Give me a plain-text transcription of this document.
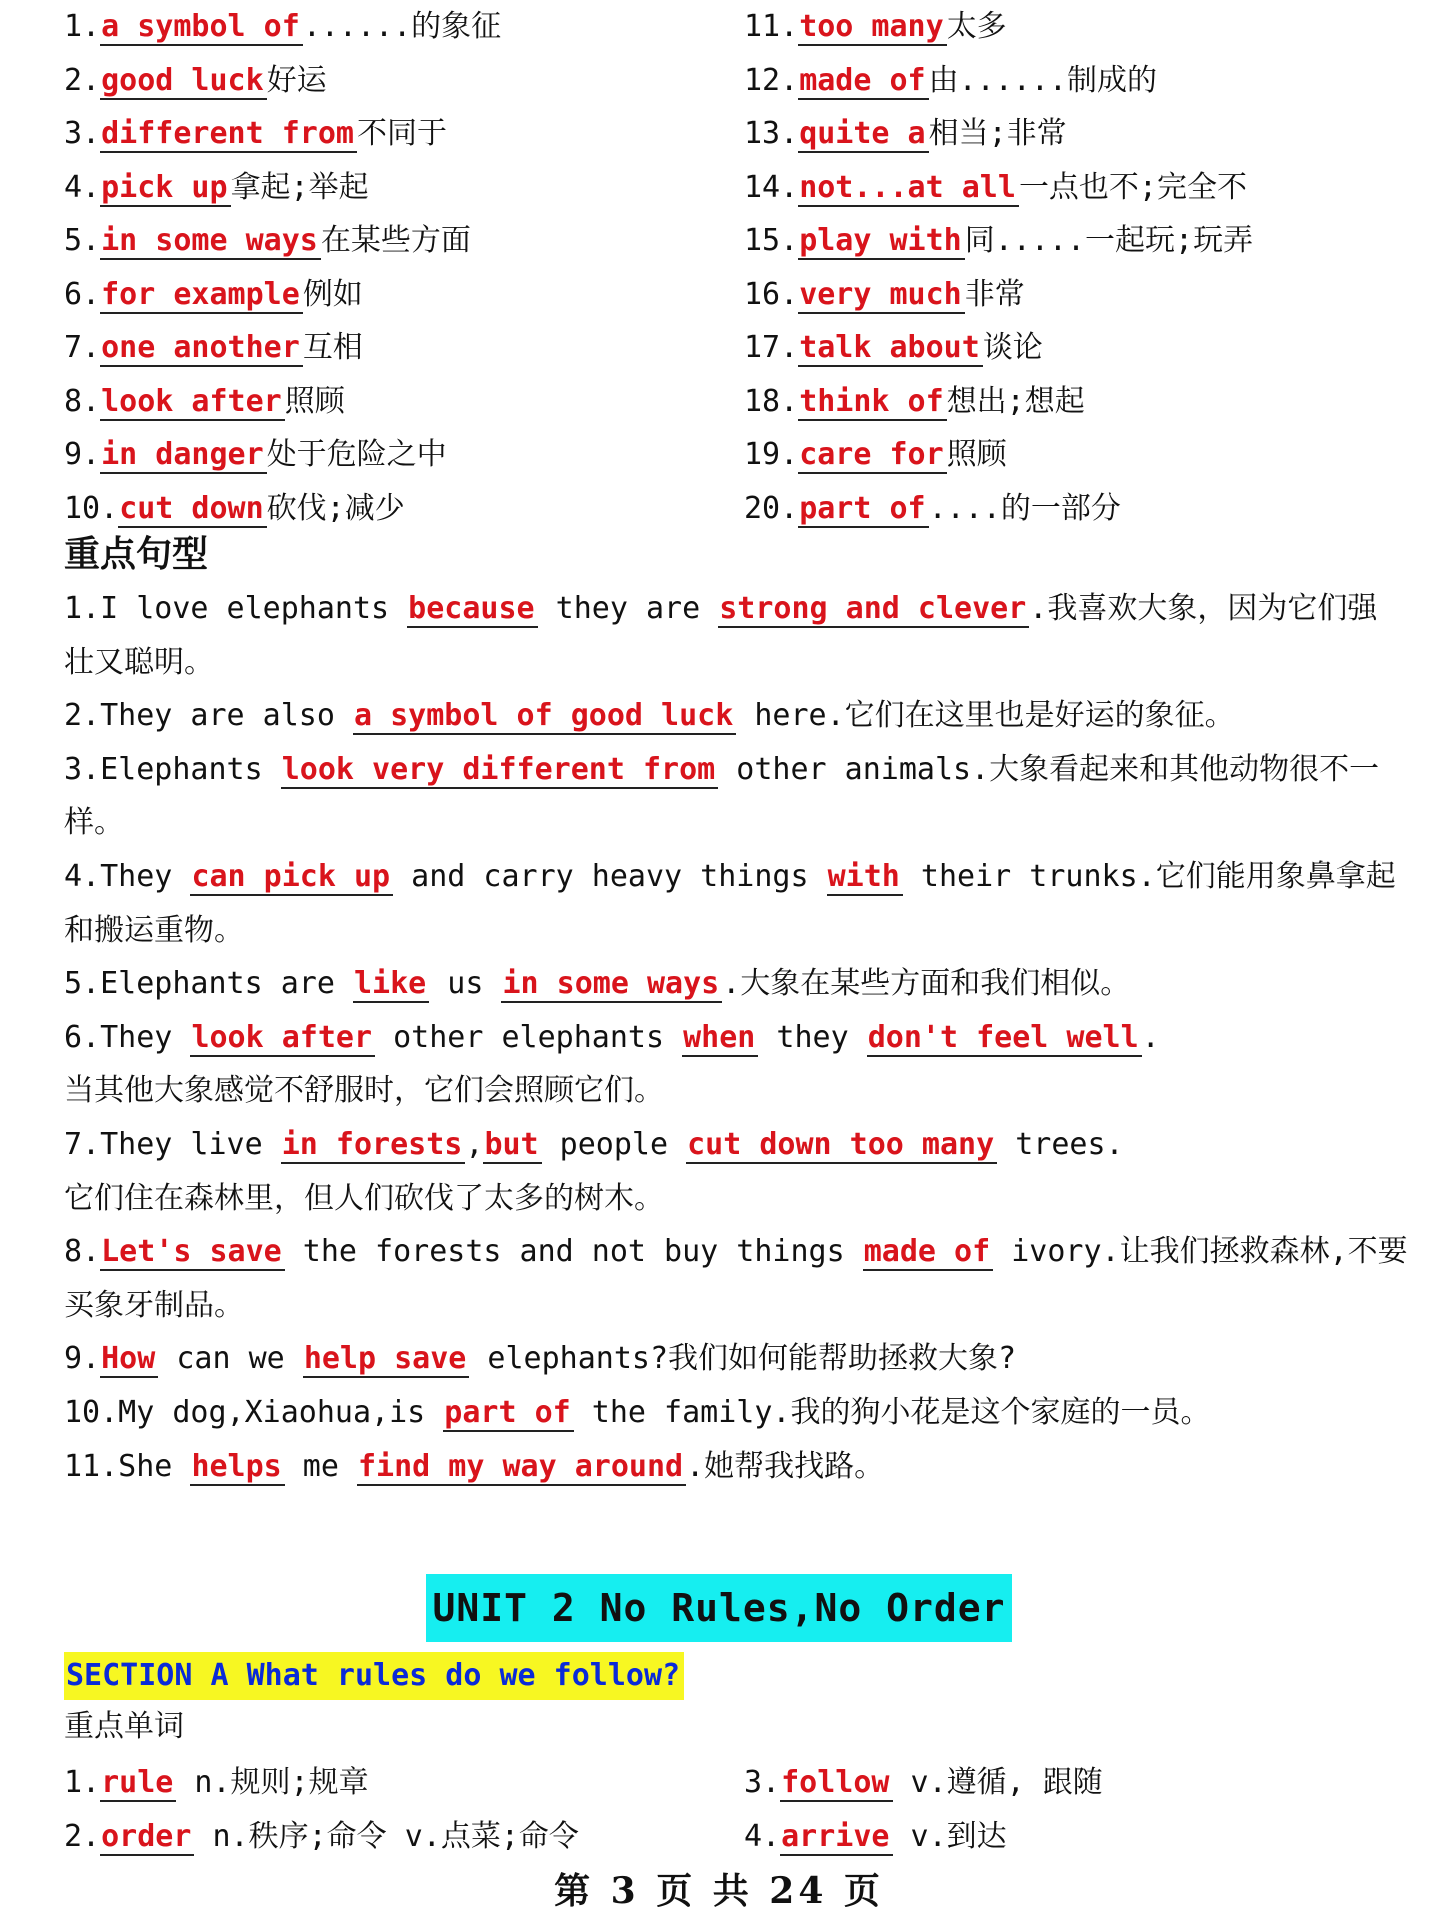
1.a symbol of ......的象征
2.good luck 好运
3.different from 不同于
4.pick up 拿起;举起
5.in some ways 在某些方面
6.for example 例如
7.one another 互相
8.look after 照顾
9.in danger 处于危险之中
10.cut down 砍伐;减少
11.too many 太多
12.made of 由......制成的
13.quite a 相当;非常
14.not...at all 一点也不;完全不
15.play with 同.....一起玩;玩弄
16.very much 非常
17.talk about 谈论
18.think of 想出;想起
19.care for 照顾
20.part of ....的一部分
重点句型
1.I love elephants because they are strong and clever .我喜欢大象，因为它们强
壮又聪明。
2.They are also a symbol of good luck here.它们在这里也是好运的象征。
3.Elephants look very different from other animals.大象看起来和其他动物很不一
样。
4.They can pick up and carry heavy things with their trunks.它们能用象鼻拿起
和搬运重物。
5.Elephants are like us in some ways .大象在某些方面和我们相似。
6.They look after other elephants when they don't feel well .
当其他大象感觉不舒服时，它们会照顾它们。
7.They live in forests ,but people cut down too many trees.
它们住在森林里，但人们砍伐了太多的树木。
8.Let's save the forests and not buy things made of ivory.让我们拯救森林,不要
买象牙制品。
9.How can we help save elephants?我们如何能帮助拯救大象?
10.My dog,Xiaohua,is part of the family.我的狗小花是这个家庭的一员。
11.She helps me find my way around .她帮我找路。
UNIT 2 No Rules,No Order
SECTION A What rules do we follow?
重点单词
1.rule n.规则;规章
2.order n.秩序;命令 v.点菜;命令
3.follow v.遵循, 跟随
4.arrive v.到达
第 3 页 共 24 页
